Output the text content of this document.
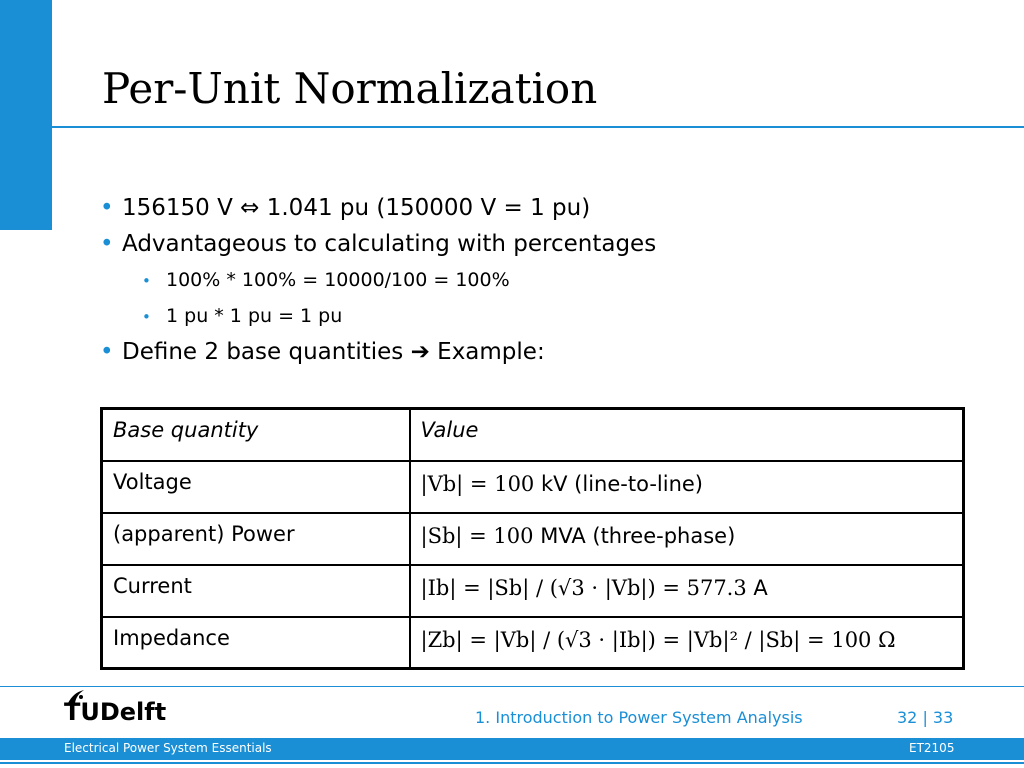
Per-Unit Normalization
• 156150 V ⇔ 1.041 pu (150000 V = 1 pu)
• Advantageous to calculating with percentages
• 100% * 100% = 10000/100 = 100%
• 1 pu * 1 pu = 1 pu
• Define 2 base quantities ➔ Example:
Base quantity	Value
Voltage	|Vb| = 100 kV (line-to-line)
(apparent) Power	|Sb| = 100 MVA (three-phase)
Current	|Ib| = |Sb| / (√3 · |Vb|) = 577.3 A
Impedance	|Zb| = |Vb| / (√3 · |Ib|) = |Vb|² / |Sb| = 100 Ω
TUDelft	1. Introduction to Power System Analysis	32 | 33
Electrical Power System Essentials	ET2105
